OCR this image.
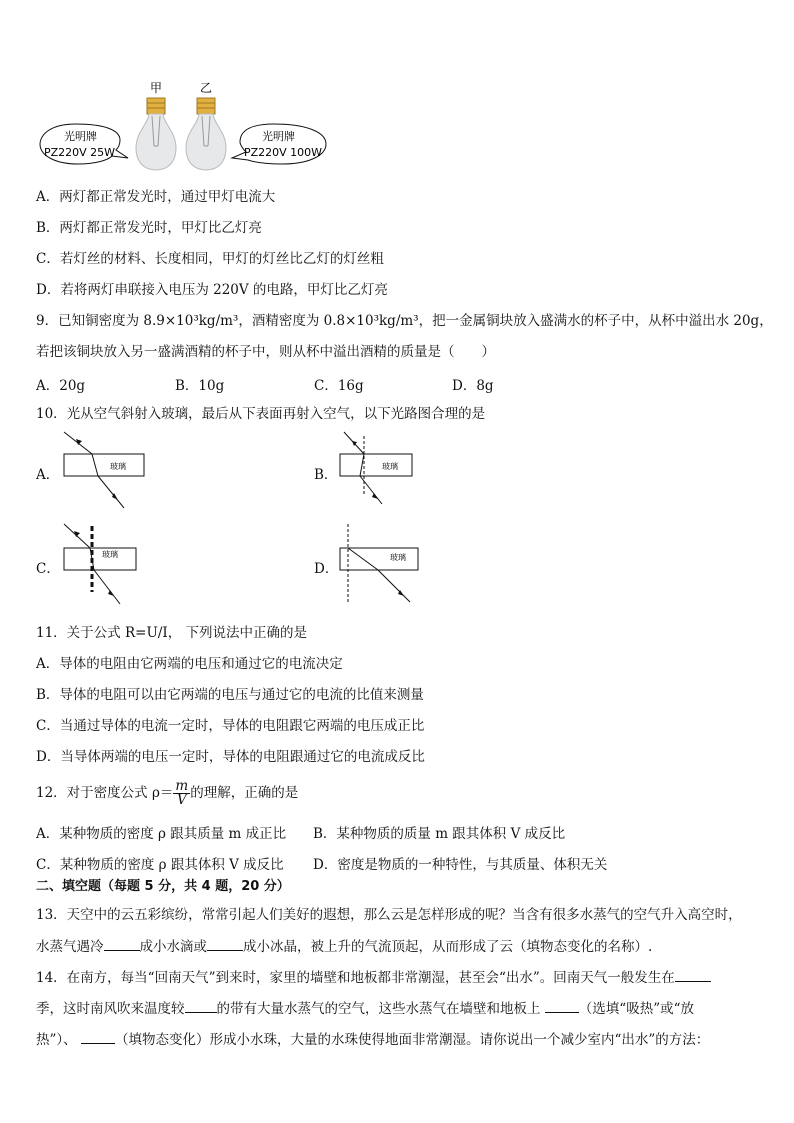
甲	乙
光明牌
PZ220V 25W
光明牌
PZ220V 100W
A．两灯都正常发光时，通过甲灯电流大
B．两灯都正常发光时，甲灯比乙灯亮
C．若灯丝的材料、长度相同，甲灯的灯丝比乙灯的灯丝粗
D．若将两灯串联接入电压为 220V 的电路，甲灯比乙灯亮
9．已知铜密度为 8.9×10³kg/m³，酒精密度为 0.8×10³kg/m³，把一金属铜块放入盛满水的杯子中，从杯中溢出水 20g，
若把该铜块放入另一盛满酒精的杯子中，则从杯中溢出酒精的质量是（　　）
A．20g	B．10g	C．16g	D．8g
10．光从空气斜射入玻璃，最后从下表面再射入空气，以下光路图合理的是
A．
玻璃
B．
玻璃
C．
玻璃
D．
玻璃
11．关于公式 R=U/I， 下列说法中正确的是
A．导体的电阻由它两端的电压和通过它的电流决定
B．导体的电阻可以由它两端的电压与通过它的电流的比值来测量
C．当通过导体的电流一定时，导体的电阻跟它两端的电压成正比
D．当导体两端的电压一定时，导体的电阻跟通过它的电流成反比
12．对于密度公式 $\rho= \frac{m}{V}$ 的理解，正确的是
A．某种物质的密度 ρ 跟其质量 m 成正比 B．某种物质的质量 m 跟其体积 V 成反比
C．某种物质的密度 ρ 跟其体积 V 成反比 D．密度是物质的一种特性，与其质量、体积无关
二、填空题（每题 5 分，共 4 题，20 分）
13．天空中的云五彩缤纷，常常引起人们美好的遐想，那么云是怎样形成的呢？当含有很多水蒸气的空气升入高空时，
水蒸气遇冷	成小水滴或	成小冰晶，被上升的气流顶起，从而形成了云（填物态变化的名称）.
14．在南方，每当“回南天气”到来时，家里的墙壁和地板都非常潮湿，甚至会“出水”。回南天气一般发生在
季，这时南风吹来温度较 的带有大量水蒸气的空气，这些水蒸气在墙壁和地板上	（选填“吸热”或“放
热”）、	（填物态变化）形成小水珠，大量的水珠使得地面非常潮湿。请你说出一个减少室内“出水”的方法：
